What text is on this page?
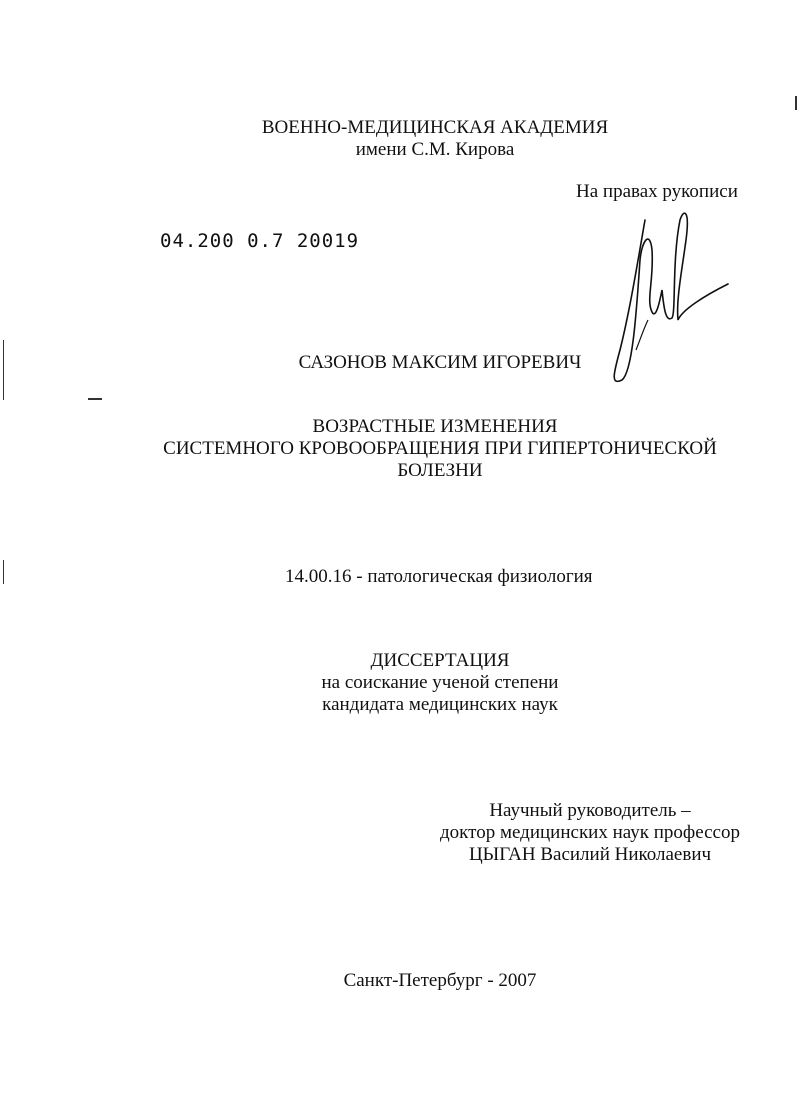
ВОЕННО-МЕДИЦИНСКАЯ АКАДЕМИЯ
имени С.М. Кирова
На правах рукописи
04.200 0.7 20019
САЗОНОВ МАКСИМ ИГОРЕВИЧ
ВОЗРАСТНЫЕ ИЗМЕНЕНИЯ
СИСТЕМНОГО КРОВООБРАЩЕНИЯ ПРИ ГИПЕРТОНИЧЕСКОЙ
БОЛЕЗНИ
14.00.16 - патологическая физиология
ДИССЕРТАЦИЯ
на соискание ученой степени
кандидата медицинских наук
Научный руководитель –
доктор медицинских наук профессор
ЦЫГАН Василий Николаевич
Санкт-Петербург - 2007
